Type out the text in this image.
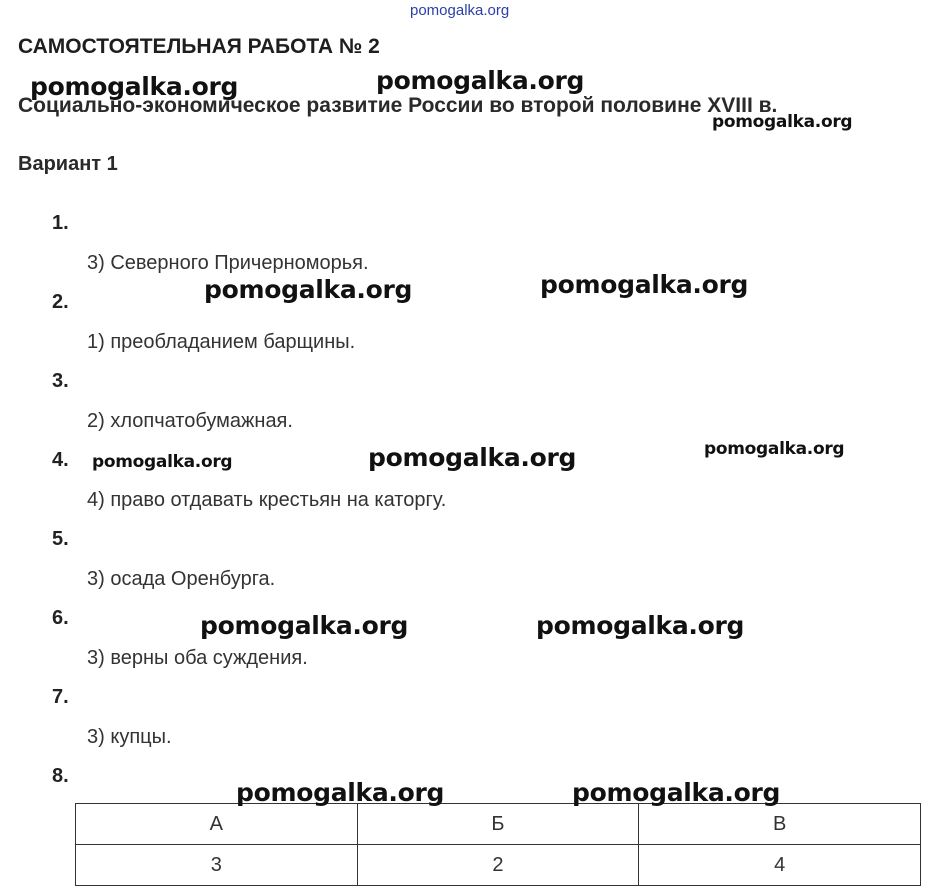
pomogalka.org
САМОСТОЯТЕЛЬНАЯ РАБОТА № 2
Социально-экономическое развитие России во второй половине XVIII в.
Вариант 1
1.
3) Северного Причерноморья.
2.
1) преобладанием барщины.
3.
2) хлопчатобумажная.
4.
4) право отдавать крестьян на каторгу.
5.
3) осада Оренбурга.
6.
3) верны оба суждения.
7.
3) купцы.
8.
А	Б	В
3	2	4
pomogalka.org	pomogalka.org
pomogalka.org
pomogalka.org	pomogalka.org
pomogalka.org	pomogalka.org	pomogalka.org
pomogalka.org	pomogalka.org
pomogalka.org	pomogalka.org
